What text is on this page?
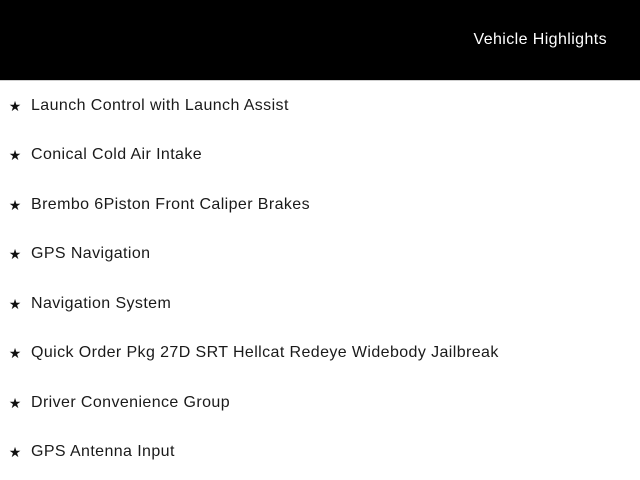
Vehicle Highlights
★ Launch Control with Launch Assist
★ Conical Cold Air Intake
★ Brembo 6Piston Front Caliper Brakes
★ GPS Navigation
★ Navigation System
★ Quick Order Pkg 27D SRT Hellcat Redeye Widebody Jailbreak
★ Driver Convenience Group
★ GPS Antenna Input
